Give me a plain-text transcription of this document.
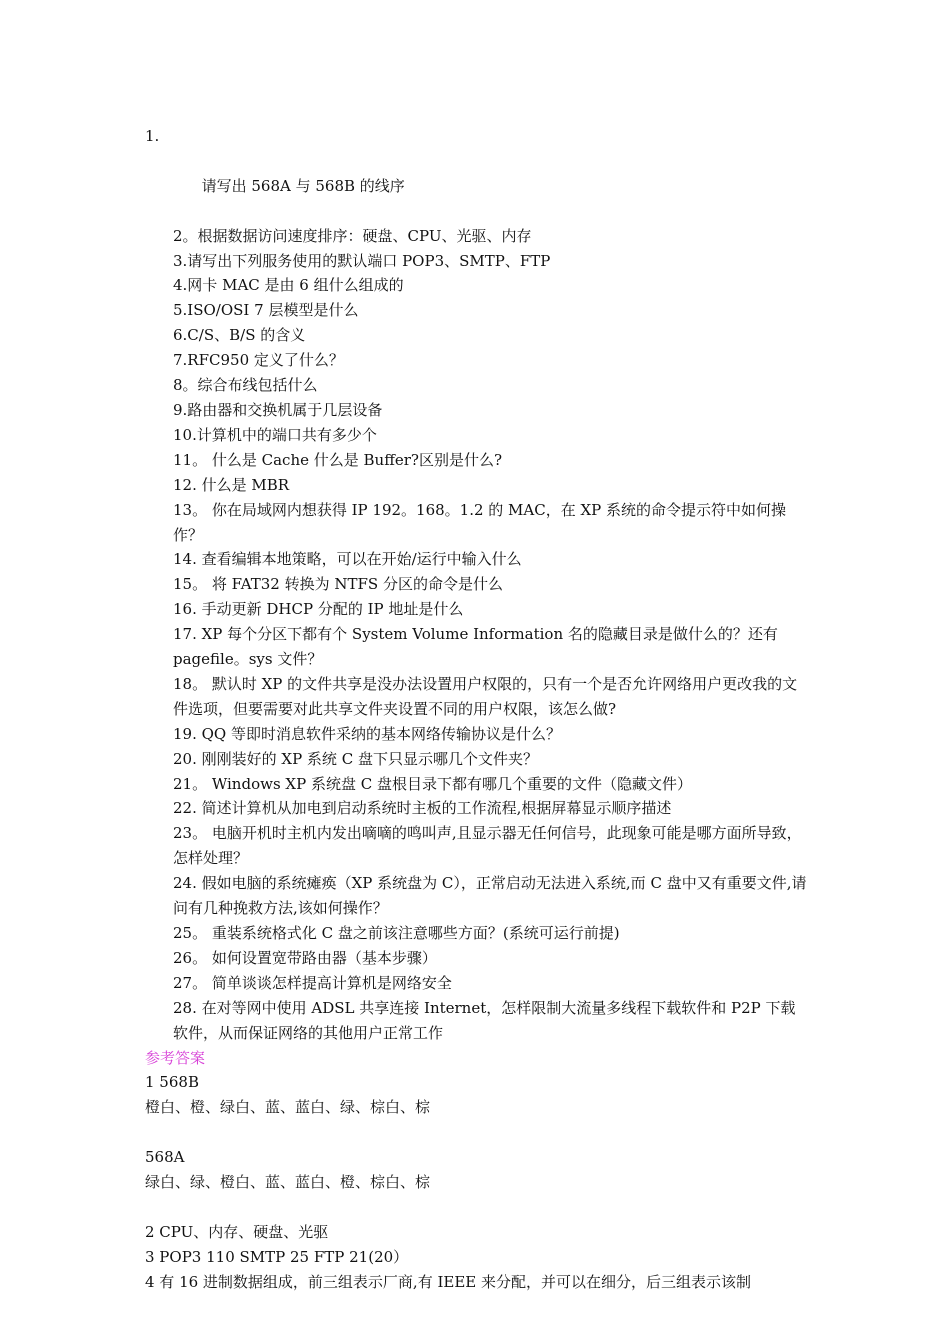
1.

请写出 568A 与 568B 的线序

2。根据数据访问速度排序：硬盘、CPU、光驱、内存
3.请写出下列服务使用的默认端口 POP3、SMTP、FTP
4.网卡 MAC 是由 6 组什么组成的
5.ISO/OSI 7 层模型是什么
6.C/S、B/S 的含义
7.RFC950 定义了什么？
8。综合布线包括什么
9.路由器和交换机属于几层设备
10.计算机中的端口共有多少个
11。 什么是 Cache 什么是 Buffer?区别是什么?
12. 什么是 MBR
13。 你在局域网内想获得 IP 192。168。1.2 的 MAC，在 XP 系统的命令提示符中如何操作？
14. 查看编辑本地策略，可以在开始/运行中输入什么
15。 将 FAT32 转换为 NTFS 分区的命令是什么
16. 手动更新 DHCP 分配的 IP 地址是什么
17. XP 每个分区下都有个 System Volume Information 名的隐藏目录是做什么的？还有 pagefile。sys 文件？
18。 默认时 XP 的文件共享是没办法设置用户权限的，只有一个是否允许网络用户更改我的文件选项，但要需要对此共享文件夹设置不同的用户权限，该怎么做?
19. QQ 等即时消息软件采纳的基本网络传输协议是什么？
20. 刚刚装好的 XP 系统 C 盘下只显示哪几个文件夹？
21。 Windows XP 系统盘 C 盘根目录下都有哪几个重要的文件（隐藏文件）
22. 简述计算机从加电到启动系统时主板的工作流程,根据屏幕显示顺序描述
23。 电脑开机时主机内发出嘀嘀的鸣叫声,且显示器无任何信号，此现象可能是哪方面所导致，怎样处理？
24. 假如电脑的系统瘫痪（XP 系统盘为 C），正常启动无法进入系统,而 C 盘中又有重要文件,请问有几种挽救方法,该如何操作？
25。 重装系统格式化 C 盘之前该注意哪些方面？(系统可运行前提)
26。 如何设置宽带路由器（基本步骤）
27。 简单谈谈怎样提高计算机是网络安全
28. 在对等网中使用 ADSL 共享连接 Internet，怎样限制大流量多线程下载软件和 P2P 下载软件，从而保证网络的其他用户正常工作
参考答案
1 568B
橙白、橙、绿白、蓝、蓝白、绿、棕白、棕
568A
绿白、绿、橙白、蓝、蓝白、橙、棕白、棕
2 CPU、内存、硬盘、光驱
3 POP3 110 SMTP 25 FTP 21(20）
4 有 16 进制数据组成，前三组表示厂商,有 IEEE 来分配，并可以在细分，后三组表示该制
